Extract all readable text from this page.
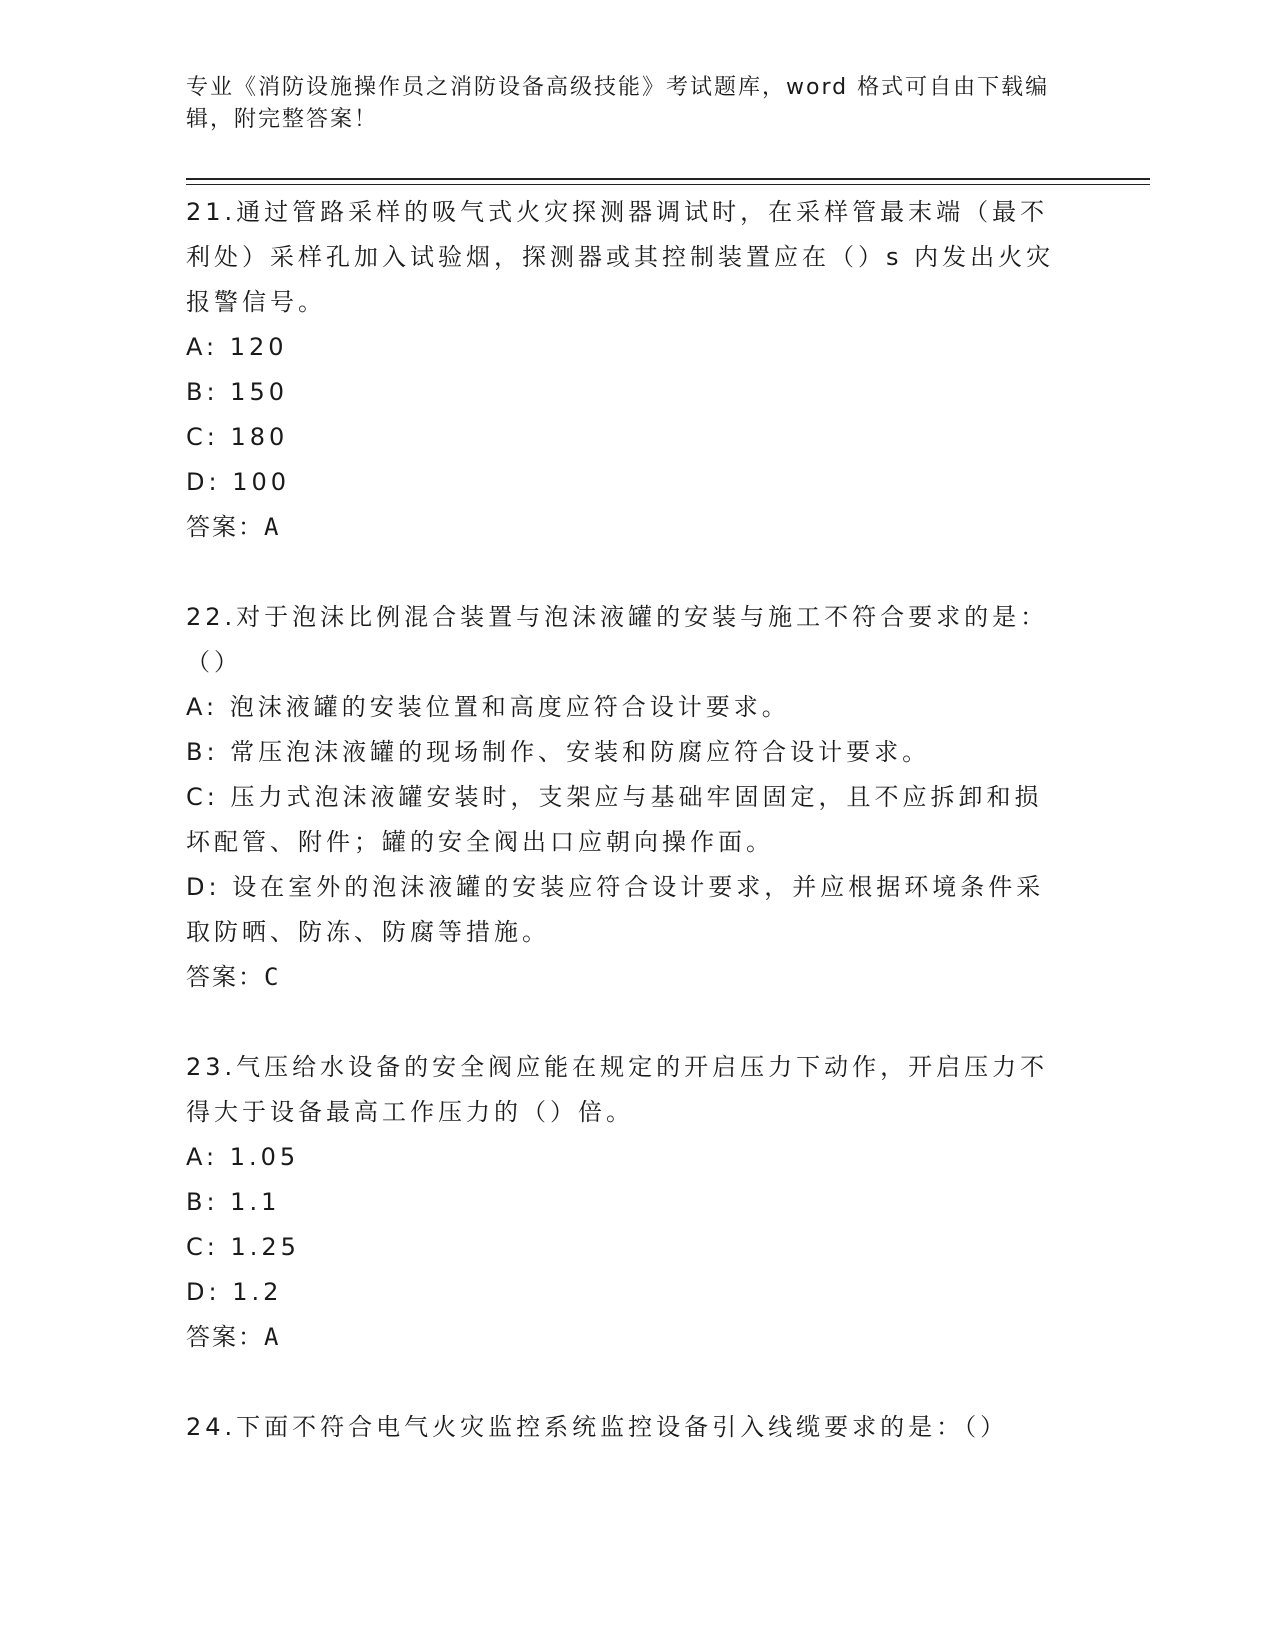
专业《消防设施操作员之消防设备高级技能》考试题库，word 格式可自由下载编
辑，附完整答案！
21.通过管路采样的吸气式火灾探测器调试时，在采样管最末端（最不
利处）采样孔加入试验烟，探测器或其控制装置应在（）s 内发出火灾
报警信号。
A: 120
B: 150
C: 180
D: 100
答案：A
22.对于泡沫比例混合装置与泡沫液罐的安装与施工不符合要求的是：
（）
A: 泡沫液罐的安装位置和高度应符合设计要求。
B: 常压泡沫液罐的现场制作、安装和防腐应符合设计要求。
C: 压力式泡沫液罐安装时，支架应与基础牢固固定，且不应拆卸和损
坏配管、附件；罐的安全阀出口应朝向操作面。
D: 设在室外的泡沫液罐的安装应符合设计要求，并应根据环境条件采
取防晒、防冻、防腐等措施。
答案：C
23.气压给水设备的安全阀应能在规定的开启压力下动作，开启压力不
得大于设备最高工作压力的（）倍。
A: 1.05
B: 1.1
C: 1.25
D: 1.2
答案：A
24.下面不符合电气火灾监控系统监控设备引入线缆要求的是：（）
